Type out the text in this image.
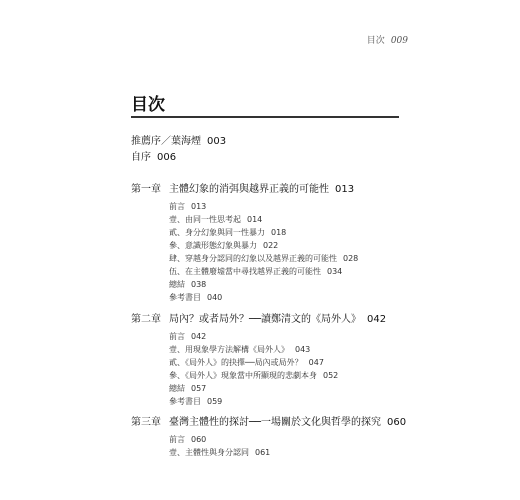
目次 009
目次
推薦序／葉海煙 003
自序 006
第一章 主體幻象的消弭與越界正義的可能性 013
前言 013
壹、由同一性思考起 014
貳、身分幻象與同一性暴力 018
參、意識形態幻象與暴力 022
肆、穿越身分認同的幻象以及越界正義的可能性 028
伍、在主體廢墟當中尋找越界正義的可能性 034
總結 038
參考書目 040
第二章 局內？或者局外？──讀鄭清文的《局外人》 042
前言 042
壹、用現象學方法解構《局外人》 043
貳、《局外人》的抉擇──局內或局外？ 047
參、《局外人》現象當中所顯現的悲劇本身 052
總結 057
參考書目 059
第三章 臺灣主體性的探討──一場關於文化與哲學的探究 060
前言 060
壹、主體性與身分認同 061
